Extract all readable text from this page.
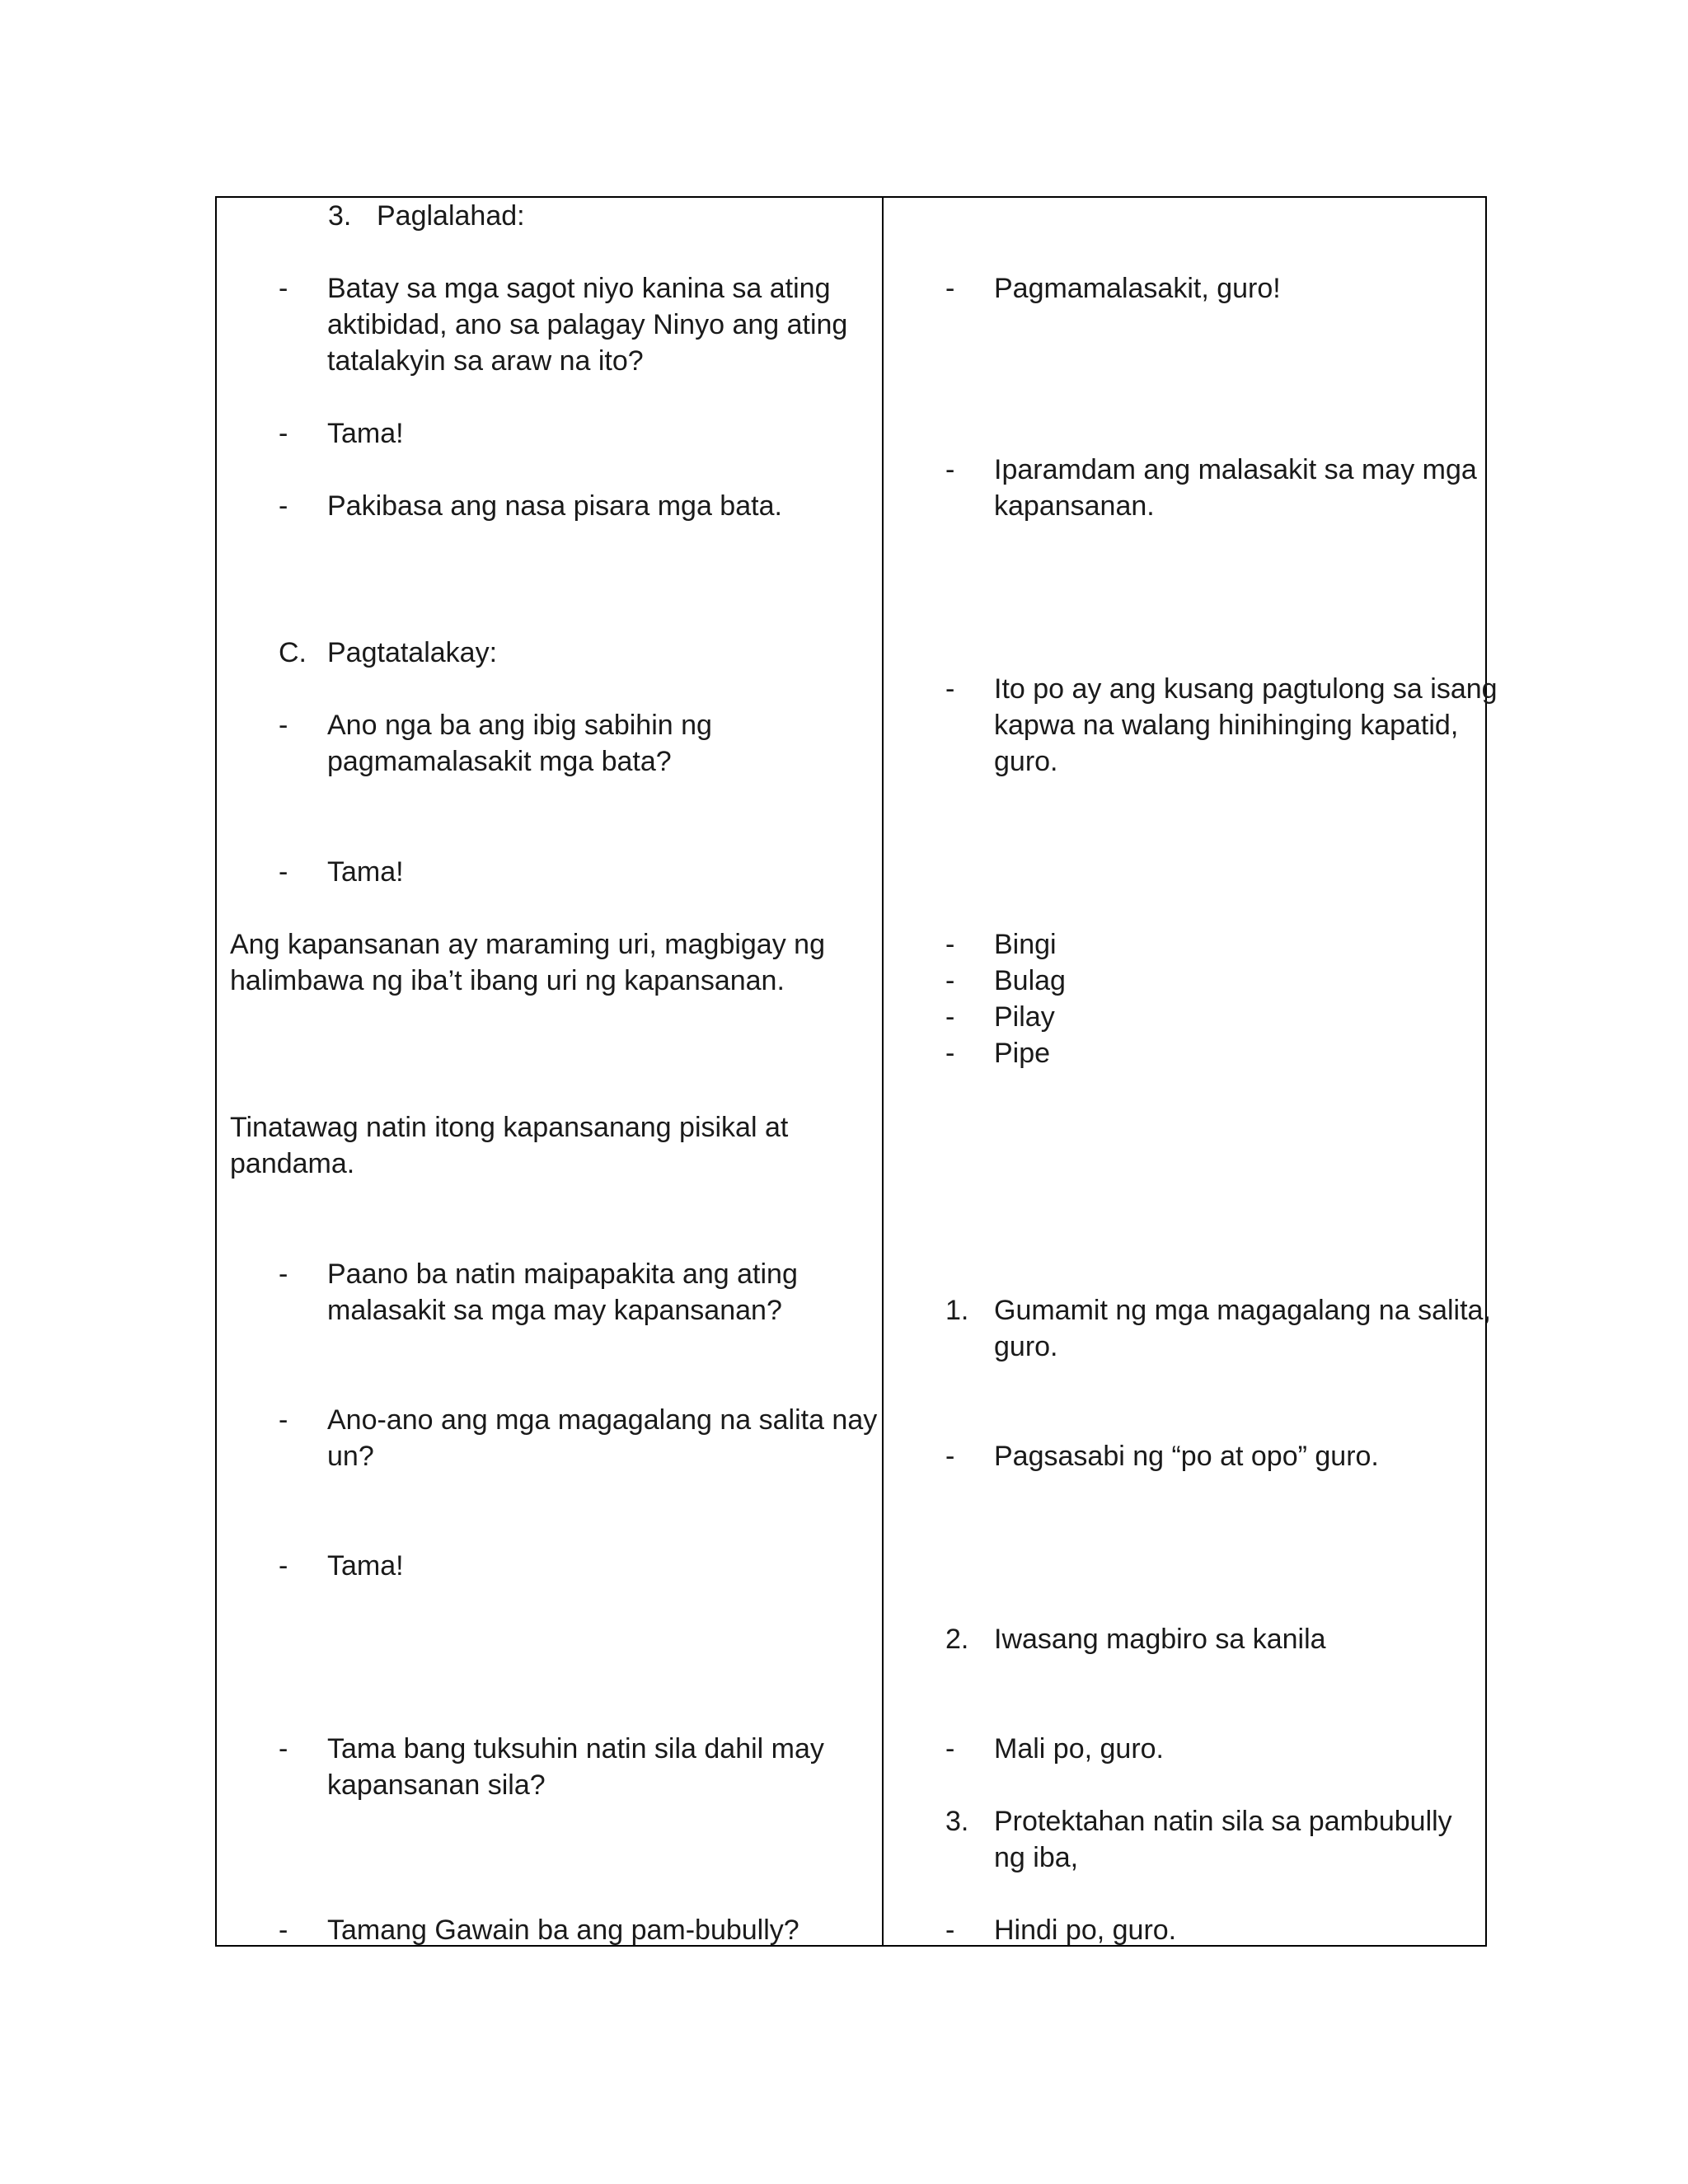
3. Paglalahad:

- Batay sa mga sagot niyo kanina sa ating

aktibidad, ano sa palagay Ninyo ang ating

tatalakyin sa araw na ito?

- Tama!

- Pakibasa ang nasa pisara mga bata.

C. Pagtatalakay:

- Ano nga ba ang ibig sabihin ng

pagmamalasakit mga bata?

- Tama!

Ang kapansanan ay maraming uri, magbigay ng

halimbawa ng iba’t ibang uri ng kapansanan.

Tinatawag natin itong kapansanang pisikal at

pandama.

- Paano ba natin maipapakita ang ating

malasakit sa mga may kapansanan?

- Ano-ano ang mga magagalang na salita nay

un?

- Tama!

- Tama bang tuksuhin natin sila dahil may

kapansanan sila?

- Tamang Gawain ba ang pam-bubully?

- Pagmamalasakit, guro!

- Iparamdam ang malasakit sa may mga

kapansanan.

- Ito po ay ang kusang pagtulong sa isang

kapwa na walang hinihinging kapatid,

guro.

- Bingi

- Bulag

- Pilay

- Pipe

1. Gumamit ng mga magagalang na salita,

guro.

- Pagsasabi ng “po at opo” guro.

2. Iwasang magbiro sa kanila

- Mali po, guro.

3. Protektahan natin sila sa pambubully

ng iba,

- Hindi po, guro.
